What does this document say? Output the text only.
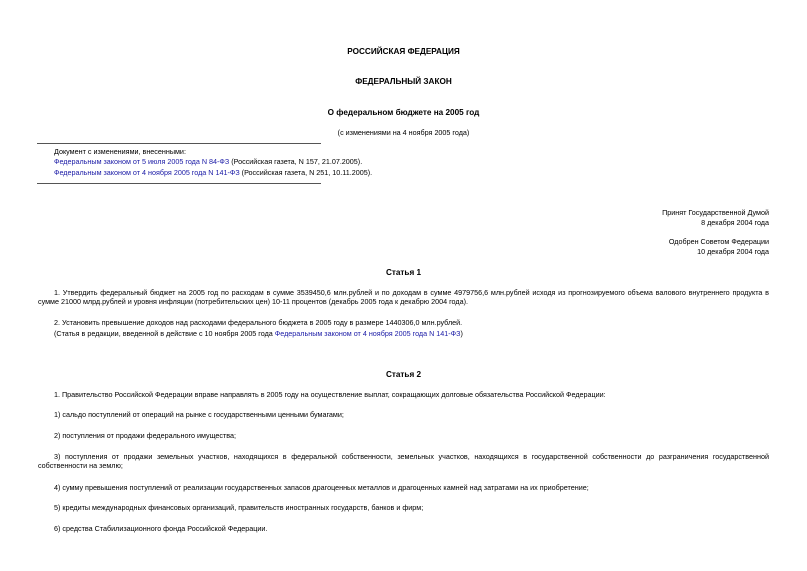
РОССИЙСКАЯ ФЕДЕРАЦИЯ
ФЕДЕРАЛЬНЫЙ ЗАКОН
О федеральном бюджете на 2005 год
(с изменениями на 4 ноября 2005 года)
Документ с изменениями, внесенными:
Федеральным законом от 5 июля 2005 года N 84-ФЗ (Российская газета, N 157, 21.07.2005).
Федеральным законом от 4 ноября 2005 года N 141-ФЗ (Российская газета, N 251, 10.11.2005).
Принят Государственной Думой
8 декабря 2004 года
Одобрен Советом Федерации
10 декабря 2004 года
Статья 1

1. Утвердить федеральный бюджет на 2005 год по расходам в сумме 3539450,6 млн.рублей и по доходам в сумме 4979756,6 млн.рублей исходя из прогнозируемого объема валового внутреннего продукта в сумме 21000 млрд.рублей и уровня инфляции (потребительских цен) 10-11 процентов (декабрь 2005 года к декабрю 2004 года).

2. Установить превышение доходов над расходами федерального бюджета в 2005 году в размере 1440306,0 млн.рублей.
(Статья в редакции, введенной в действие с 10 ноября 2005 года Федеральным законом от 4 ноября 2005 года N 141-ФЗ)
Статья 2
1. Правительство Российской Федерации вправе направлять в 2005 году на осуществление выплат, сокращающих долговые обязательства Российской Федерации:
1) сальдо поступлений от операций на рынке с государственными ценными бумагами;
2) поступления от продажи федерального имущества;

3) поступления от продажи земельных участков, находящихся в федеральной собственности, земельных участков, находящихся в государственной собственности до разграничения государственной собственности на землю;

4) сумму превышения поступлений от реализации государственных запасов драгоценных металлов и драгоценных камней над затратами на их приобретение;
5) кредиты международных финансовых организаций, правительств иностранных государств, банков и фирм;
6) средства Стабилизационного фонда Российской Федерации.
